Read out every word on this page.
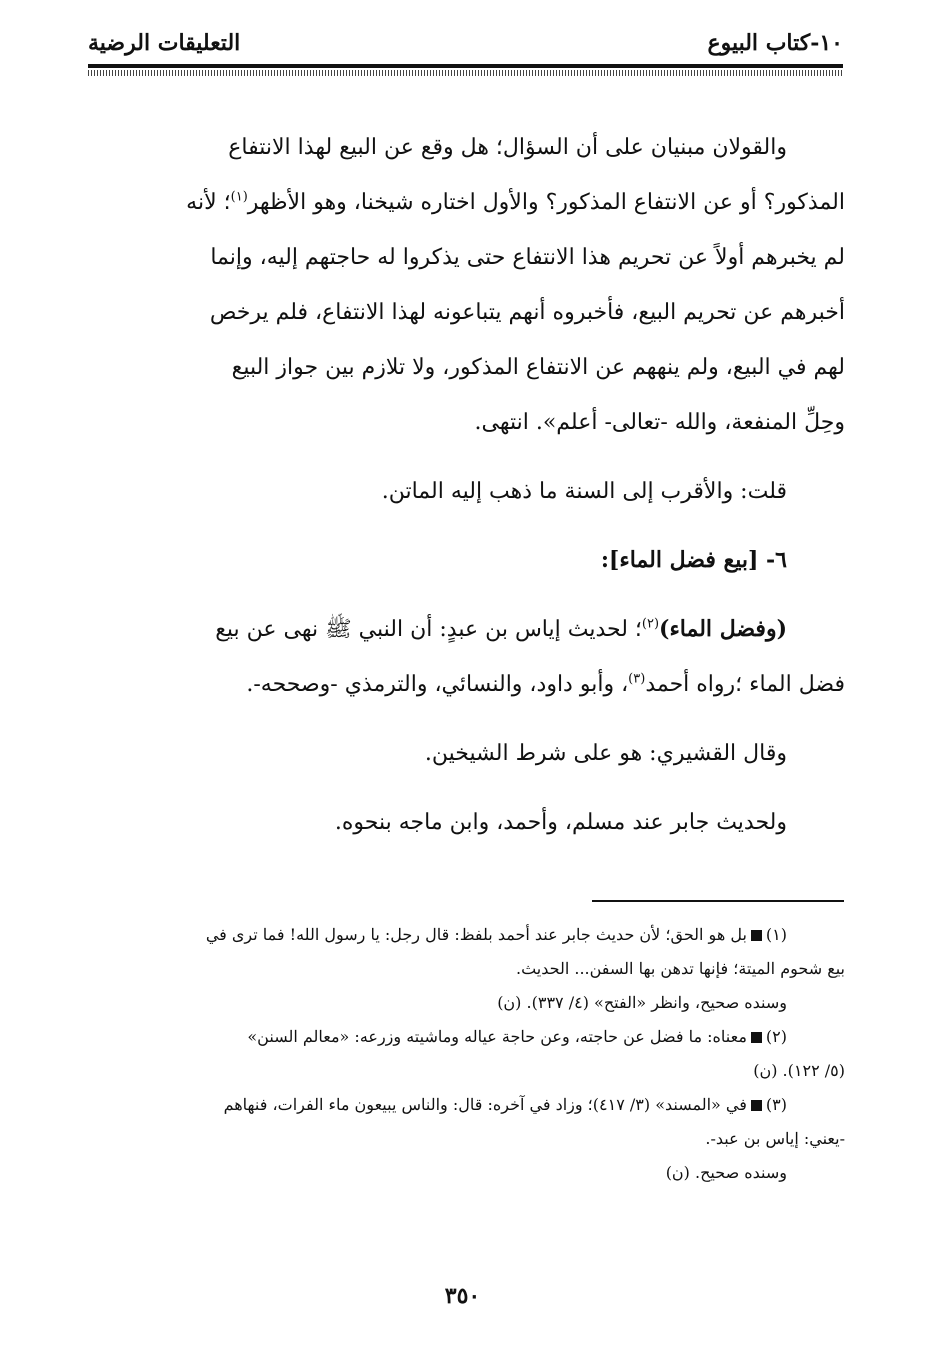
١٠-كتاب البيوع
التعليقات الرضية

والقولان مبنيان على أن السؤال؛ هل وقع عن البيع لهذا الانتفاع
المذكور؟ أو عن الانتفاع المذكور؟ والأول اختاره شيخنا، وهو الأظهر$^{(١)}$؛ لأنه
لم يخبرهم أولاً عن تحريم هذا الانتفاع حتى يذكروا له حاجتهم إليه، وإنما
أخبرهم عن تحريم البيع، فأخبروه أنهم يتباعونه لهذا الانتفاع، فلم يرخص
لهم في البيع، ولم ينههم عن الانتفاع المذكور، ولا تلازم بين جواز البيع
وحِلِّ المنفعة، والله -تعالى- أعلم». انتهى.

قلت: والأقرب إلى السنة ما ذهب إليه الماتن.

٦- [بيع فضل الماء]:

(وفضل الماء)$^{(٢)}$؛ لحديث إياس بن عبدٍ: أن النبي ﷺ نهى عن بيع
فضل الماء ؛رواه أحمد$^{(٣)}$، وأبو داود، والنسائي، والترمذي -وصححه-.

وقال القشيري: هو على شرط الشيخين.

ولحديث جابر عند مسلم، وأحمد، وابن ماجه بنحوه.

(١)بل هو الحق؛ لأن حديث جابر عند أحمد بلفظ: قال رجل: يا رسول الله! فما ترى في

بيع شحوم الميتة؛ فإنها تدهن بها السفن... الحديث.

وسنده صحيح، وانظر «الفتح» (٤/ ٣٣٧). (ن)

(٢)معناه: ما فضل عن حاجته، وعن حاجة عياله وماشيته وزرعه: «معالم السنن»

(٥/ ١٢٢). (ن)

(٣)في «المسند» (٣/ ٤١٧)؛ وزاد في آخره: قال: والناس يبيعون ماء الفرات، فنهاهم

-يعني: إياس بن عبد-.

وسنده صحيح. (ن)

٣٥٠
